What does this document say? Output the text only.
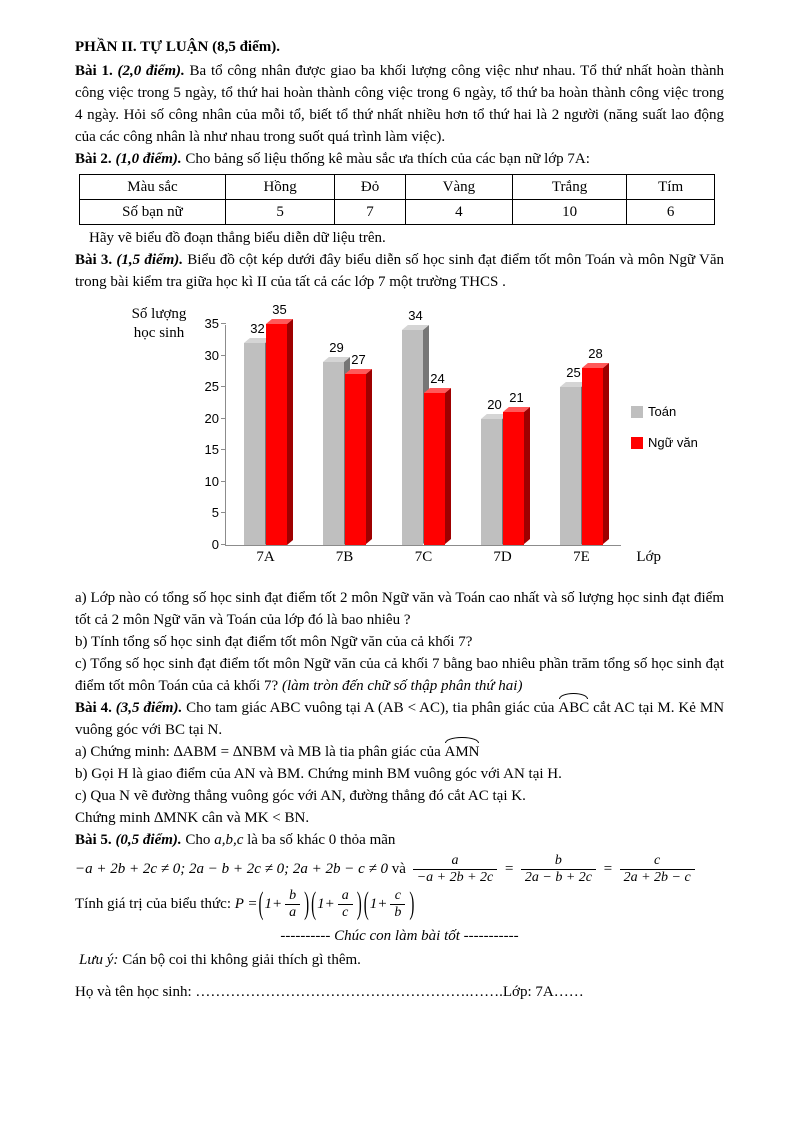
PHẦN II. TỰ LUẬN (8,5 điểm).

Bài 1. (2,0 điểm). Ba tổ công nhân được giao ba khối lượng công việc như nhau. Tổ thứ nhất hoàn thành công việc trong 5 ngày, tổ thứ hai hoàn thành công việc trong 6 ngày, tổ thứ ba hoàn thành công việc trong 4 ngày. Hỏi số công nhân của mỗi tổ, biết tổ thứ nhất nhiều hơn tổ thứ hai là 2 người (năng suất lao động của các công nhân là như nhau trong suốt quá trình làm việc).

Bài 2. (1,0 điểm). Cho bảng số liệu thống kê màu sắc ưa thích của các bạn nữ lớp 7A:

Màu sắc	Hồng	Đỏ	Vàng	Trắng	Tím
Số bạn nữ	5	7	4	10	6

Hãy vẽ biểu đồ đoạn thẳng biểu diễn dữ liệu trên.

Bài 3. (1,5 điểm). Biểu đồ cột kép dưới đây biểu diễn số học sinh đạt điểm tốt môn Toán và môn Ngữ Văn trong bài kiểm tra giữa học kì II của tất cả các lớp 7 một trường THCS .

Số lượng học sinh
Lớp
0
5
10
15
20
25
30
35 32
35
7A
29
27
7B
34
24
7C
20 21
7D
25
28
7E
Toán
Ngữ văn

a) Lớp nào có tổng số học sinh đạt điểm tốt 2 môn Ngữ văn và Toán cao nhất và số lượng học sinh đạt điểm tốt cả 2 môn Ngữ văn và Toán của lớp đó là bao nhiêu ?

b) Tính tổng số học sinh đạt điểm tốt môn Ngữ văn của cả khối 7?

c) Tổng số học sinh đạt điểm tốt môn Ngữ văn của cả khối 7 bằng bao nhiêu phần trăm tổng số học sinh đạt điểm tốt môn Toán của cả khối 7? (làm tròn đến chữ số thập phân thứ hai)

Bài 4. (3,5 điểm). Cho tam giác ABC vuông tại A (AB < AC), tia phân giác của ABC cắt AC tại M. Kẻ MN vuông góc với BC tại N.

a) Chứng minh: ∆ABM = ∆NBM và MB là tia phân giác của AMN

b) Gọi H là giao điểm của AN và BM. Chứng minh BM vuông góc với AN tại H.

c) Qua N vẽ đường thẳng vuông góc với AN, đường thẳng đó cắt AC tại K.

Chứng minh ∆MNK cân và MK < BN.

Bài 5. (0,5 điểm). Cho a,b,c là ba số khác 0 thỏa mãn

−a + 2b + 2c ≠ 0; 2a − b + 2c ≠ 0; 2a + 2b − c ≠ 0 và $\frac{a}{-a + 2b + 2c} = \frac{b}{2a - b + 2c} = \frac{c}{2a + 2b - c}$

Tính giá trị của biểu thức: $P =(1+ \frac{b}{a}$ ) ($1+ \frac{a}{c}$ ) ($1+ \frac{c}{b}$ )

---------- Chúc con làm bài tốt -----------

Lưu ý: Cán bộ coi thi không giải thích gì thêm.

Họ và tên học sinh: ……………………………………………….…….Lớp: 7A……
